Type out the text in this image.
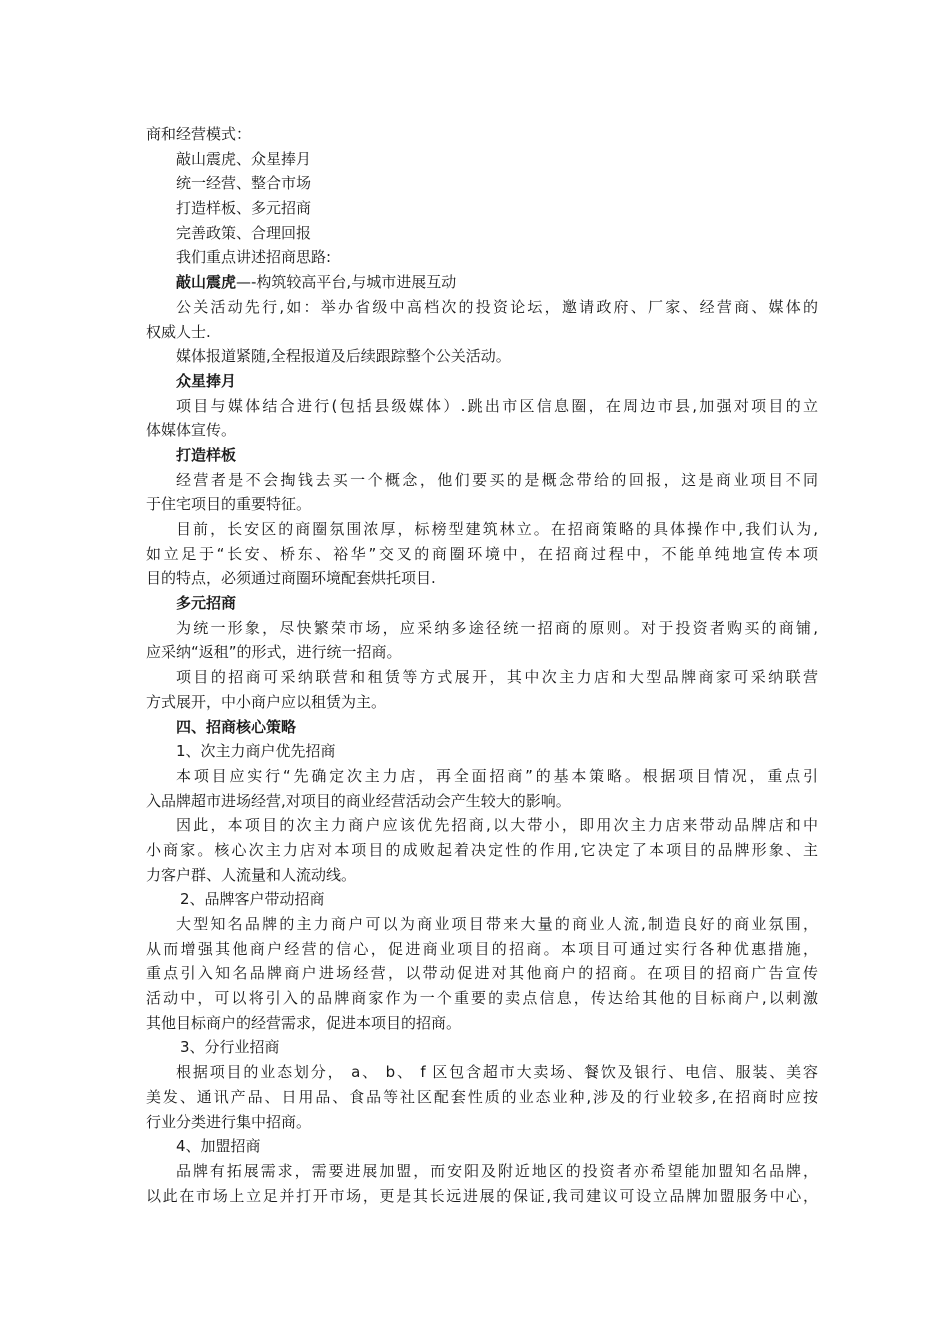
商和经营模式：
敲山震虎、众星捧月
统一经营、整合市场
打造样板、多元招商
完善政策、合理回报
我们重点讲述招商思路:
敲山震虎—-构筑较高平台,与城市进展互动
公关活动先行,如：举办省级中高档次的投资论坛，邀请政府、厂家、经营商、媒体的
权威人士.
媒体报道紧随,全程报道及后续跟踪整个公关活动。
众星捧月
项目与媒体结合进行(包括县级媒体）.跳出市区信息圈，在周边市县,加强对项目的立
体媒体宣传。
打造样板
经营者是不会掏钱去买一个概念，他们要买的是概念带给的回报，这是商业项目不同
于住宅项目的重要特征。
目前，长安区的商圈氛围浓厚，标榜型建筑林立。在招商策略的具体操作中,我们认为,
如立足于“长安、桥东、裕华”交叉的商圈环境中，在招商过程中，不能单纯地宣传本项
目的特点，必须通过商圈环境配套烘托项目.
多元招商
为统一形象，尽快繁荣市场，应采纳多途径统一招商的原则。对于投资者购买的商铺,
应采纳“返租”的形式，进行统一招商。
项目的招商可采纳联营和租赁等方式展开，其中次主力店和大型品牌商家可采纳联营
方式展开，中小商户应以租赁为主。
四、招商核心策略
1、次主力商户优先招商
本项目应实行“先确定次主力店，再全面招商”的基本策略。根据项目情况，重点引
入品牌超市进场经营,对项目的商业经营活动会产生较大的影响。
因此，本项目的次主力商户应该优先招商,以大带小，即用次主力店来带动品牌店和中
小商家。核心次主力店对本项目的成败起着决定性的作用,它决定了本项目的品牌形象、主
力客户群、人流量和人流动线。
2、品牌客户带动招商
大型知名品牌的主力商户可以为商业项目带来大量的商业人流,制造良好的商业氛围，
从而增强其他商户经营的信心，促进商业项目的招商。本项目可通过实行各种优惠措施，
重点引入知名品牌商户进场经营，以带动促进对其他商户的招商。在项目的招商广告宣传
活动中，可以将引入的品牌商家作为一个重要的卖点信息，传达给其他的目标商户,以刺激
其他目标商户的经营需求，促进本项目的招商。
3、分行业招商
根据项目的业态划分， a、 b、 f 区包含超市大卖场、餐饮及银行、电信、服装、美容
美发、通讯产品、日用品、食品等社区配套性质的业态业种,涉及的行业较多,在招商时应按
行业分类进行集中招商。
4、加盟招商
品牌有拓展需求，需要进展加盟，而安阳及附近地区的投资者亦希望能加盟知名品牌，
以此在市场上立足并打开市场，更是其长远进展的保证,我司建议可设立品牌加盟服务中心，
